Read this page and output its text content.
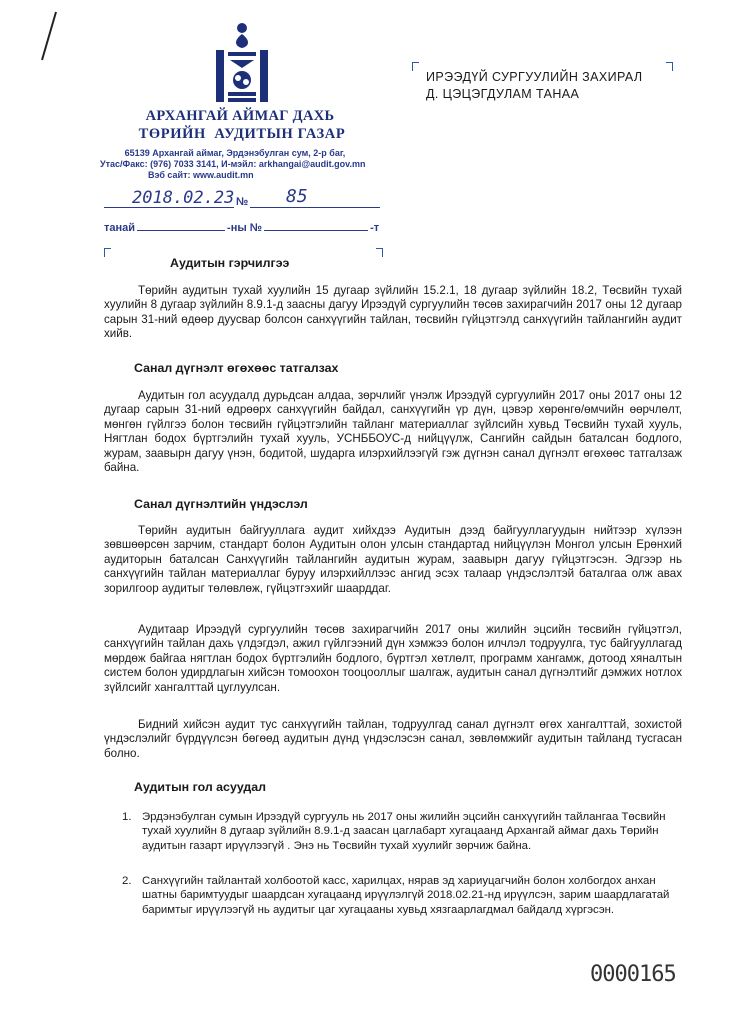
АРХАНГАЙ АЙМАГ ДАХЬ
ТӨРИЙН  АУДИТЫН ГАЗАР
65139 Архангай аймаг, Эрдэнэбулган сум, 2-р баг,
Утас/Факс: (976) 7033 3141, И-мэйл: arkhangai@audit.gov.mn
Вэб сайт: www.audit.mn
2018.02.23 № 85
танай	-ны №	-т
ИРЭЭДҮЙ СУРГУУЛИЙН ЗАХИРАЛ
Д. ЦЭЦЭГДУЛАМ ТАНАА
Аудитын гэрчилгээ
Төрийн аудитын тухай хуулийн 15 дугаар зүйлийн 15.2.1, 18 дугаар зүйлийн 18.2, Төсвийн тухай хуулийн 8 дугаар зүйлийн 8.9.1-д заасны дагуу Ирээдүй сургуулийн төсөв захирагчийн 2017 оны 12 дугаар сарын 31-ний өдөөр дуусвар болсон санхүүгийн тайлан, төсвийн гүйцэтгэлд санхүүгийн тайлангийн аудит хийв.
Санал дүгнэлт өгөхөөс татгалзах
Аудитын гол асуудалд дурьдсан алдаа, зөрчлийг үнэлж Ирээдүй сургуулийн 2017 оны 2017 оны 12 дугаар сарын 31-ний өдрөөрх санхүүгийн байдал, санхүүгийн үр дүн, цэвэр хөрөнгө/өмчийн өөрчлөлт, мөнгөн гүйлгээ болон төсвийн гүйцэтгэлийн тайланг материаллаг зүйлсийн хувьд Төсвийн тухай хууль, Нягтлан бодох бүртгэлийн тухай хууль, УСНББОУС-д нийцүүлж, Сангийн сайдын баталсан бодлого, журам, заавырн дагуу үнэн, бодитой, шударга илэрхийлээгүй гэж дүгнэн санал дүгнэлт өгөхөөс татгалзаж байна.
Санал дүгнэлтийн үндэслэл
Төрийн аудитын байгууллага аудит хийхдээ Аудитын дээд байгууллагуудын нийтээр хүлээн зөвшөөрсөн зарчим, стандарт болон Аудитын олон улсын стандартад нийцүүлэн Монгол улсын Ерөнхий аудиторын баталсан Санхүүгийн тайлангийн аудитын журам, заавырн дагуу гүйцэтгэсэн. Эдгээр нь санхүүгийн тайлан материаллаг буруу илэрхийллээс ангид эсэх талаар үндэслэлтэй баталгаа олж авах зорилгоор аудитыг төлөвлөж, гүйцэтгэхийг шаарддаг.
Аудитаар Ирээдүй сургуулийн төсөв захирагчийн 2017 оны жилийн эцсийн төсвийн гүйцэтгэл, санхүүгийн тайлан дахь үлдэгдэл, ажил гүйлгээний дүн хэмжээ болон илчлэл тодруулга, тус байгууллагад мөрдөж байгаа нягтлан бодох бүртгэлийн бодлого, бүртгэл хөтлөлт, программ хангамж, дотоод хяналтын систем болон удирдлагын хийсэн томоохон тооцооллыг шалгаж, аудитын санал дүгнэлтийг дэмжих нотлох зүйлсийг хангалттай цуглуулсан.
Бидний хийсэн аудит тус санхүүгийн тайлан, тодруулгад санал дүгнэлт өгөх хангалттай, зохистой үндэслэлийг бүрдүүлсэн бөгөөд аудитын дүнд үндэслэсэн санал, зөвлөмжийг аудитын тайланд тусгасан болно.
Аудитын гол асуудал
1. Эрдэнэбулган сумын Ирээдүй сургууль нь 2017 оны жилийн эцсийн санхүүгийн тайлангаа Төсвийн тухай хуулийн 8 дугаар зүйлийн 8.9.1-д заасан цаглабарт хугацаанд Архангай аймаг дахь Төрийн аудитын газарт ирүүлээгүй . Энэ нь Төсвийн тухай хуулийг зөрчиж байна.
2. Санхүүгийн тайлантай холбоотой касс, харилцах, нярав эд хариуцагчийн болон холбогдох анхан шатны баримтуудыг шаардсан хугацаанд ирүүлэлгүй 2018.02.21-нд ирүүлсэн, зарим шаардлагатай баримтыг ирүүлээгүй нь аудитыг цаг хугацааны хувьд хязгаарлагдмал байдалд хүргэсэн.
0000165
